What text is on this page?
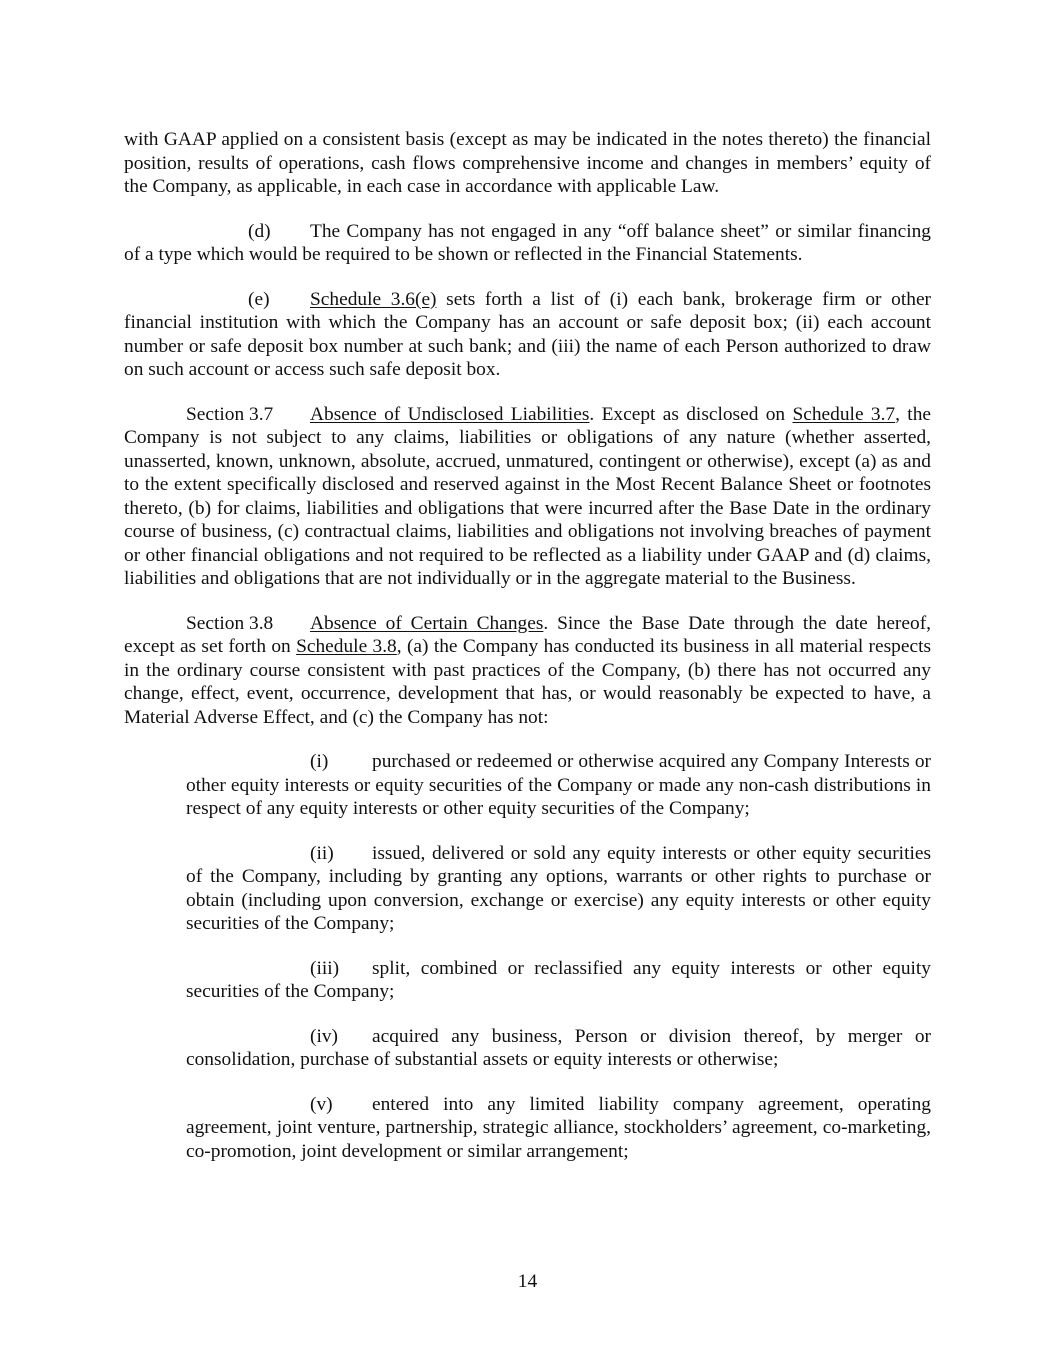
with GAAP applied on a consistent basis (except as may be indicated in the notes thereto) the financial position, results of operations, cash flows comprehensive income and changes in members’ equity of the Company, as applicable, in each case in accordance with applicable Law.

(d) The Company has not engaged in any “off balance sheet” or similar financing of a type which would be required to be shown or reflected in the Financial Statements.

(e) Schedule 3.6(e) sets forth a list of (i) each bank, brokerage firm or other financial institution with which the Company has an account or safe deposit box; (ii) each account number or safe deposit box number at such bank; and (iii) the name of each Person authorized to draw on such account or access such safe deposit box.

Section 3.7 Absence of Undisclosed Liabilities. Except as disclosed on Schedule 3.7, the Company is not subject to any claims, liabilities or obligations of any nature (whether asserted, unasserted, known, unknown, absolute, accrued, unmatured, contingent or otherwise), except (a) as and to the extent specifically disclosed and reserved against in the Most Recent Balance Sheet or footnotes thereto, (b) for claims, liabilities and obligations that were incurred after the Base Date in the ordinary course of business, (c) contractual claims, liabilities and obligations not involving breaches of payment or other financial obligations and not required to be reflected as a liability under GAAP and (d) claims, liabilities and obligations that are not individually or in the aggregate material to the Business.

Section 3.8 Absence of Certain Changes. Since the Base Date through the date hereof, except as set forth on Schedule 3.8, (a) the Company has conducted its business in all material respects in the ordinary course consistent with past practices of the Company, (b) there has not occurred any change, effect, event, occurrence, development that has, or would reasonably be expected to have, a Material Adverse Effect, and (c) the Company has not:

(i) purchased or redeemed or otherwise acquired any Company Interests or other equity interests or equity securities of the Company or made any non-cash distributions in respect of any equity interests or other equity securities of the Company;

(ii) issued, delivered or sold any equity interests or other equity securities of the Company, including by granting any options, warrants or other rights to purchase or obtain (including upon conversion, exchange or exercise) any equity interests or other equity securities of the Company;

(iii) split, combined or reclassified any equity interests or other equity securities of the Company;

(iv) acquired any business, Person or division thereof, by merger or consolidation, purchase of substantial assets or equity interests or otherwise;

(v) entered into any limited liability company agreement, operating agreement, joint venture, partnership, strategic alliance, stockholders’ agreement, co-marketing, co-promotion, joint development or similar arrangement;

14
